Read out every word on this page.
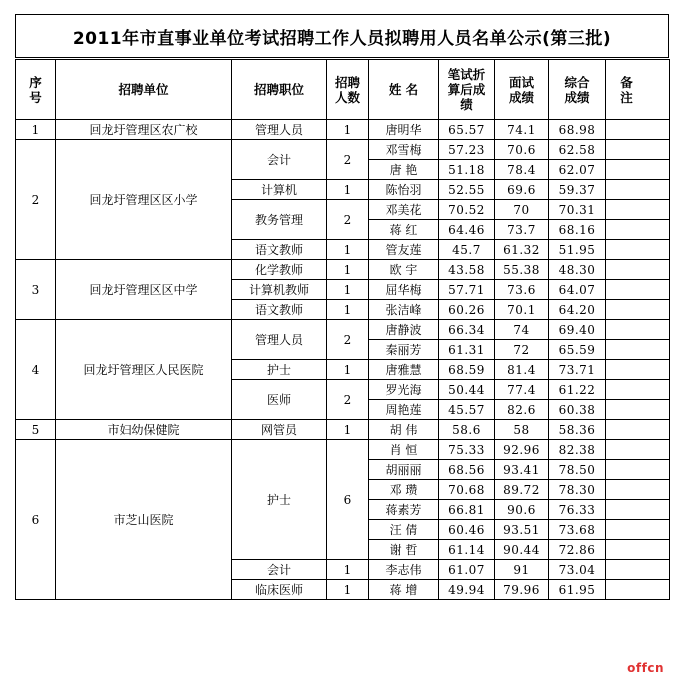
2011年市直事业单位考试招聘工作人员拟聘用人员名单公示(第三批)
序号	招聘单位	招聘职位	招聘人数	姓 名	笔试折算后成绩	面试成绩	综合成绩	备 注
1	回龙圩管理区农广校	管理人员	1	唐明华	65.57	74.1	68.98	
2	回龙圩管理区区小学	会计	2	邓雪梅	57.23	70.6	62.58	
				唐 艳	51.18	78.4	62.07	
		计算机	1	陈怡羽	52.55	69.6	59.37	
		教务管理	2	邓美花	70.52	70	70.31	
				蒋 红	64.46	73.7	68.16	
		语文教师	1	管友莲	45.7	61.32	51.95	
3	回龙圩管理区区中学	化学教师	1	欧 宇	43.58	55.38	48.30	
		计算机教师	1	屈华梅	57.71	73.6	64.07	
		语文教师	1	张洁峰	60.26	70.1	64.20	
4	回龙圩管理区人民医院	管理人员	2	唐静波	66.34	74	69.40	
				秦丽芳	61.31	72	65.59	
		护士	1	唐雅慧	68.59	81.4	73.71	
		医师	2	罗光海	50.44	77.4	61.22	
				周艳莲	45.57	82.6	60.38	
5	市妇幼保健院	网管员	1	胡 伟	58.6	58	58.36	
6	市芝山医院	护士	6	肖 恒	75.33	92.96	82.38	
				胡丽丽	68.56	93.41	78.50	
				邓 瓒	70.68	89.72	78.30	
				蒋素芳	66.81	90.6	76.33	
				汪 倩	60.46	93.51	73.68	
				谢 哲	61.14	90.44	72.86	
		会计	1	李志伟	61.07	91	73.04	
		临床医师	1	蒋 增	49.94	79.96	61.95	
offcn
